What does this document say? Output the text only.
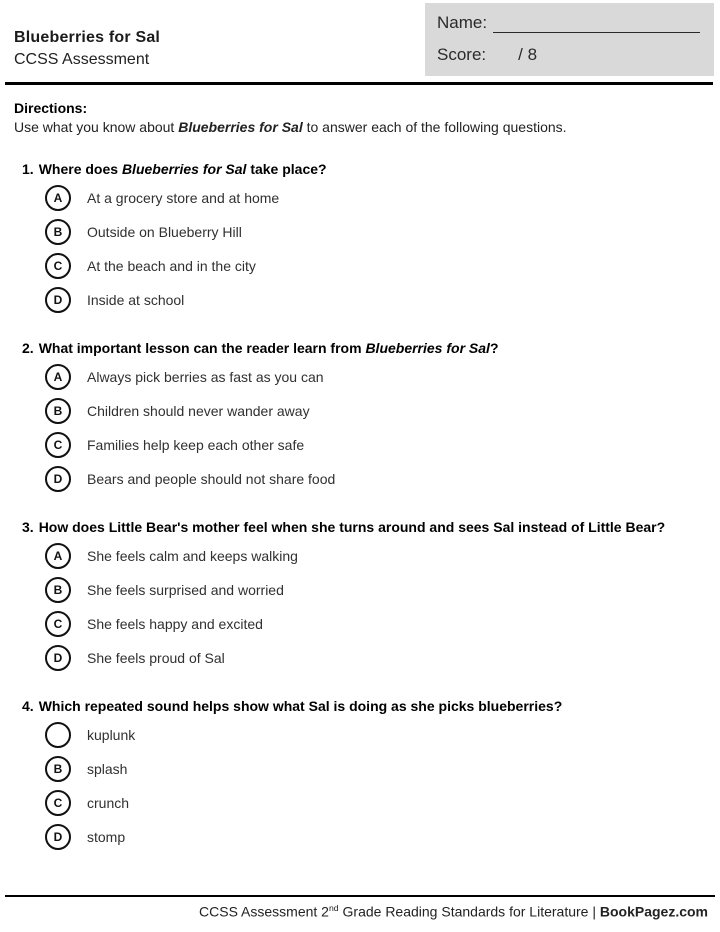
Blueberries for Sal
CCSS Assessment
Name:
Score: / 8
Directions:
Use what you know about Blueberries for Sal to answer each of the following questions.
1. Where does Blueberries for Sal take place?
A At a grocery store and at home
B Outside on Blueberry Hill
C At the beach and in the city
D Inside at school
2. What important lesson can the reader learn from Blueberries for Sal?
A Always pick berries as fast as you can
B Children should never wander away
C Families help keep each other safe
D Bears and people should not share food
3. How does Little Bear's mother feel when she turns around and sees Sal instead of Little Bear?
A She feels calm and keeps walking
B She feels surprised and worried
C She feels happy and excited
D She feels proud of Sal
4. Which repeated sound helps show what Sal is doing as she picks blueberries?
kuplunk
B splash
C crunch
D stomp
CCSS Assessment 2nd Grade Reading Standards for Literature | BookPagez.com
